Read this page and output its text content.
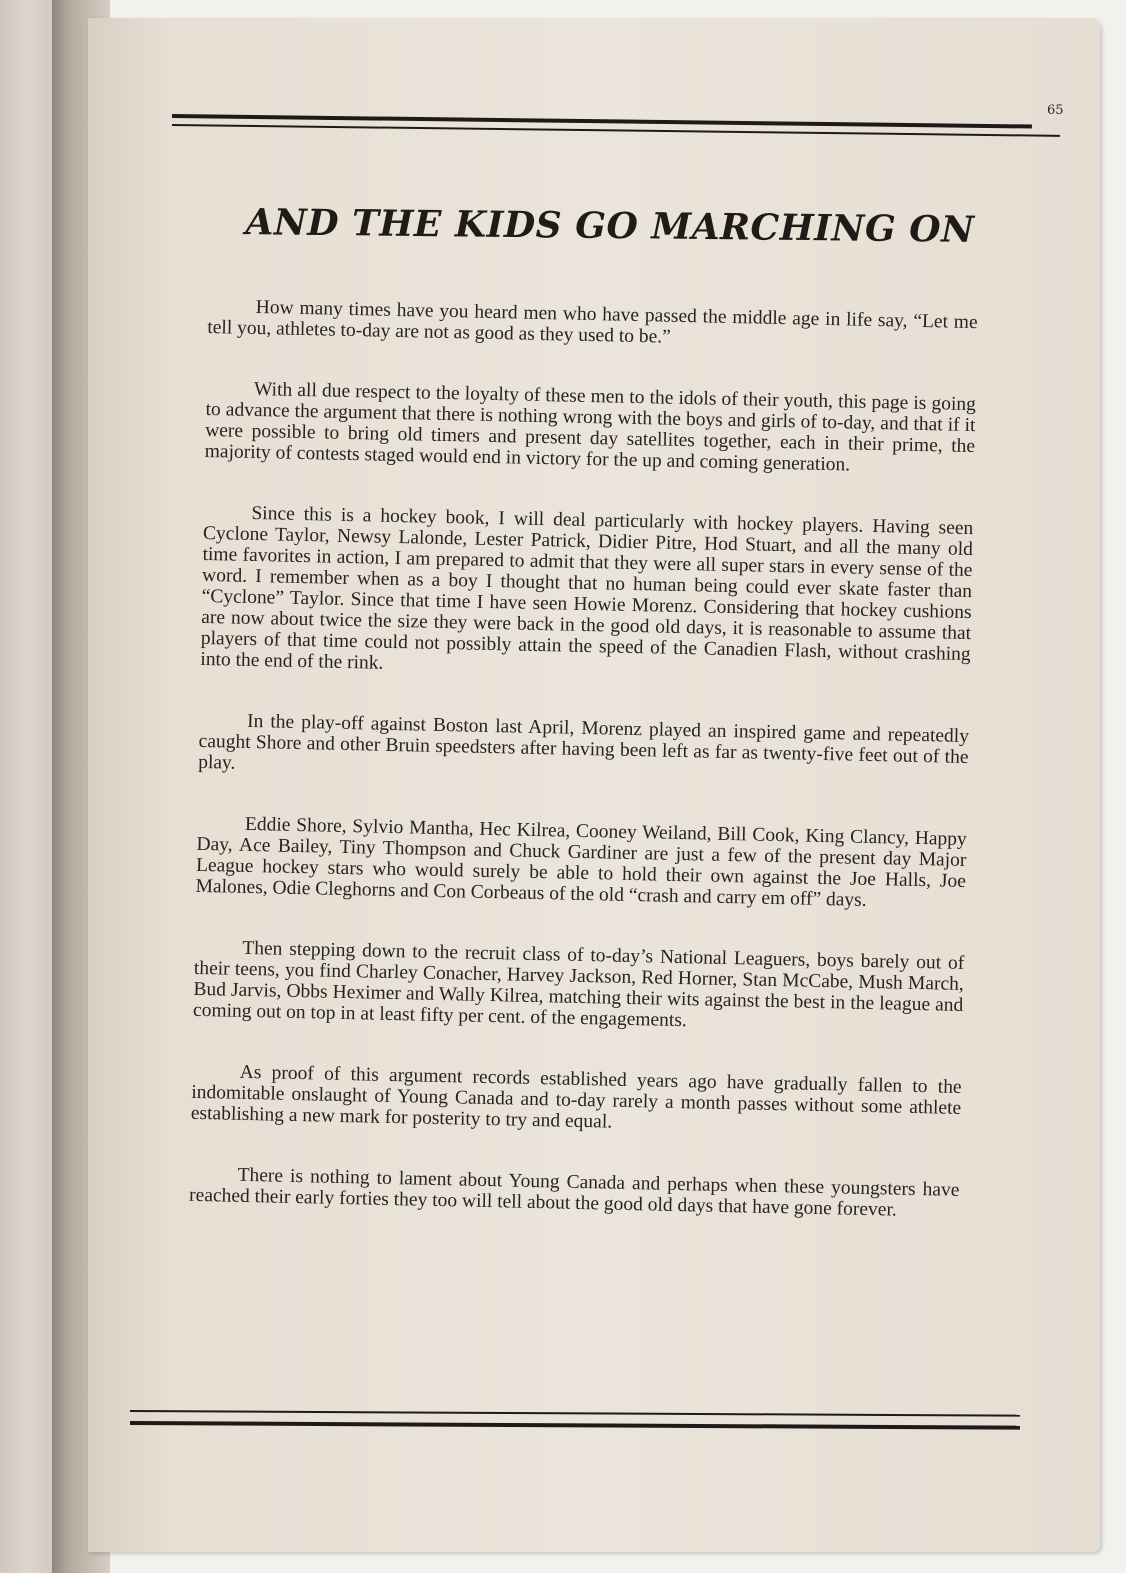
65
AND THE KIDS GO MARCHING ON

How many times have you heard men who have passed the middle age in life say, “Let me tell you, athletes to-day are not as good as they used to be.”

With all due respect to the loyalty of these men to the idols of their youth, this page is going to advance the argument that there is nothing wrong with the boys and girls of to-day, and that if it were possible to bring old timers and present day satellites together, each in their prime, the majority of contests staged would end in victory for the up and coming generation.

Since this is a hockey book, I will deal particularly with hockey players. Having seen Cyclone Taylor, Newsy Lalonde, Lester Patrick, Didier Pitre, Hod Stuart, and all the many old time favorites in action, I am prepared to admit that they were all super stars in every sense of the word. I remember when as a boy I thought that no human being could ever skate faster than “Cyclone” Taylor. Since that time I have seen Howie Morenz. Considering that hockey cushions are now about twice the size they were back in the good old days, it is reasonable to assume that players of that time could not possibly attain the speed of the Canadien Flash, without crashing into the end of the rink.

In the play-off against Boston last April, Morenz played an inspired game and repeatedly caught Shore and other Bruin speedsters after having been left as far as twenty-five feet out of the play.

Eddie Shore, Sylvio Mantha, Hec Kilrea, Cooney Weiland, Bill Cook, King Clancy, Happy Day, Ace Bailey, Tiny Thompson and Chuck Gardiner are just a few of the present day Major League hockey stars who would surely be able to hold their own against the Joe Halls, Joe Malones, Odie Cleghorns and Con Corbeaus of the old “crash and carry em off” days.

Then stepping down to the recruit class of to-day’s National Leaguers, boys barely out of their teens, you find Charley Conacher, Harvey Jackson, Red Horner, Stan McCabe, Mush March, Bud Jarvis, Obbs Heximer and Wally Kilrea, matching their wits against the best in the league and coming out on top in at least fifty per cent. of the engagements.

As proof of this argument records established years ago have gradually fallen to the indomitable onslaught of Young Canada and to-day rarely a month passes without some athlete establishing a new mark for posterity to try and equal.

There is nothing to lament about Young Canada and perhaps when these youngsters have reached their early forties they too will tell about the good old days that have gone forever.
